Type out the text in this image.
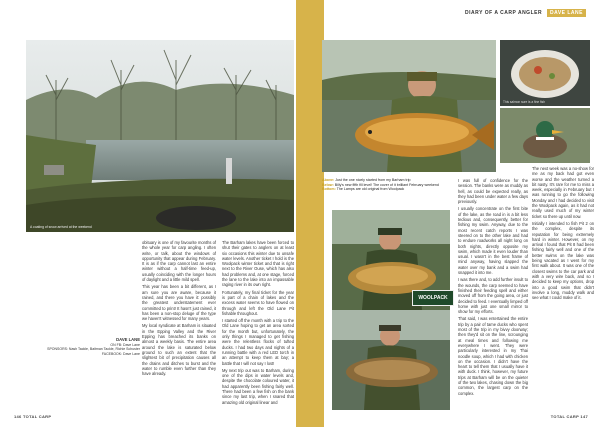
A coating of snow arrived at the weekend
DAVE LANE
ON FB: Dave Lane
SPONSORS: Nash Tackle, Baitman Tackle, Richie Schuster
FACEBOOK: Dave Lane

obituary is one of my favourite months of the whole year for carp angling. I often write, or talk, about the windows of opportunity that appear during February. It is as if the carp cannot last an entire winter without a half-time feed-up, usually coinciding with the longer hours of daylight and a little mild spell.

This year has been a bit different, as I am sure you are aware, because it rained, and there you have it: possibly the greatest understatement ever committed to print! It hasn't just rained, it has been a non-stop deluge of the type we haven't witnessed for many years.

My local syndicate at Barham is situated in the Epping Valley and the River Epping has breached its banks on almost a weekly basis. The entire area around the lake is saturated below ground to such an extent that the slightest bit of precipitation causes all the drains and ditches to burst and the water to rumble even further than they have already.

The Barham lakes have been forced to shut their gates to anglers on at least six occasions this winter due to unsafe water levels. Another ticket I hold is the Woolpack winter ticket and that is right next to the River Ouse, which has also had problems and, at one stage, forced the lane to the lake into an impassable raging river in its own right.

Fortunately, my final ticket for the year is part of a chain of lakes and the excess water seems to have flowed on through and left the Old Lane Pit fishable throughout.

I started off the month with a trip to the Old Lane hoping to get an area sorted for the month but, unfortunately, the only things I managed to get fishing were the relentless flocks of tufted ducks. I had two days and nights of a running battle with a red LED torch in an attempt to keep them at bay; a battle that I will not say I lost!

My next trip out was to Barham, during one of the dips in water levels and, despite the chocolate coloured water, it had apparently been fishing fairly well. There had been a few fish on the bank since my last trip, when I snared that amazing old original linear and

146 TOTAL CARP
DIARY OF A CARP ANGLER DAVE LANE
This salmon sure is a fine fish
Above: Just the one nicely started from my Barham trip
Below: Billy's new fifth fill level! The cover of it brilliant February weekend
Bottom: The Lamps are old original from Woolpack
WOOLPACK

I was full of confidence for the session. The banks were as muddy as hell, as could be expected really, as they had been under water a few days previously.

I usually concentrate on the first bite of the lake, as the road in is a bit less tedious and, consequently, better for fishing my swim. Anyway, due to the most recent catch reports I was steered on to the other lake and had to endure roadworks all night long on both nights, directly opposite my swim, which made it even louder than usual. I wasn't in the best frame of mind anyway, having slapped the water over my bank and a swim had snapped it into me.

I was there and, to add further insult to the wounds, the carp seemed to have finished their feeding spell and either moved off from the going area, or just decided to feed. I eventually limped off home with just one small mirror to show for my efforts.

That said, I was entertained the entire trip by a pair of tame ducks who spent most of the trip in my bivvy doorway; then they'd sit on the line, scrounging at meal times and following me everywhere I went. They were particularly interested in my Thai noodle soup, which I had with chicken on the occasion. I didn't have the heart to tell them that I usually have it with duck. I think, however, my future trips at Barham will be on the quieter of the two lakes, chasing down the big common, the largest carp on the complex.

The next week was a no-show for me as my back had got even worse and the weather turned a bit nasty. It's rare for me to miss a week, especially in February but I was running to go the following Monday and I had decided to visit the Woolpack again, as it had not really used much of my winter ticket so there up until now.

Initially I intended to fish Pit 2 on the complex, despite its reputation for being extremely hard in winter. However, on my arrival I found that Pit 8 had been fishing fairly well and one of the better swims on the lake was being vacated as I went for my first walk about. It was one of the closest swims to the car park and with a very wire back, and so I decided to keep my options, drop into a good swim that didn't involve a long, muddy walk and see what I could make of it.

TOTAL CARP 147
